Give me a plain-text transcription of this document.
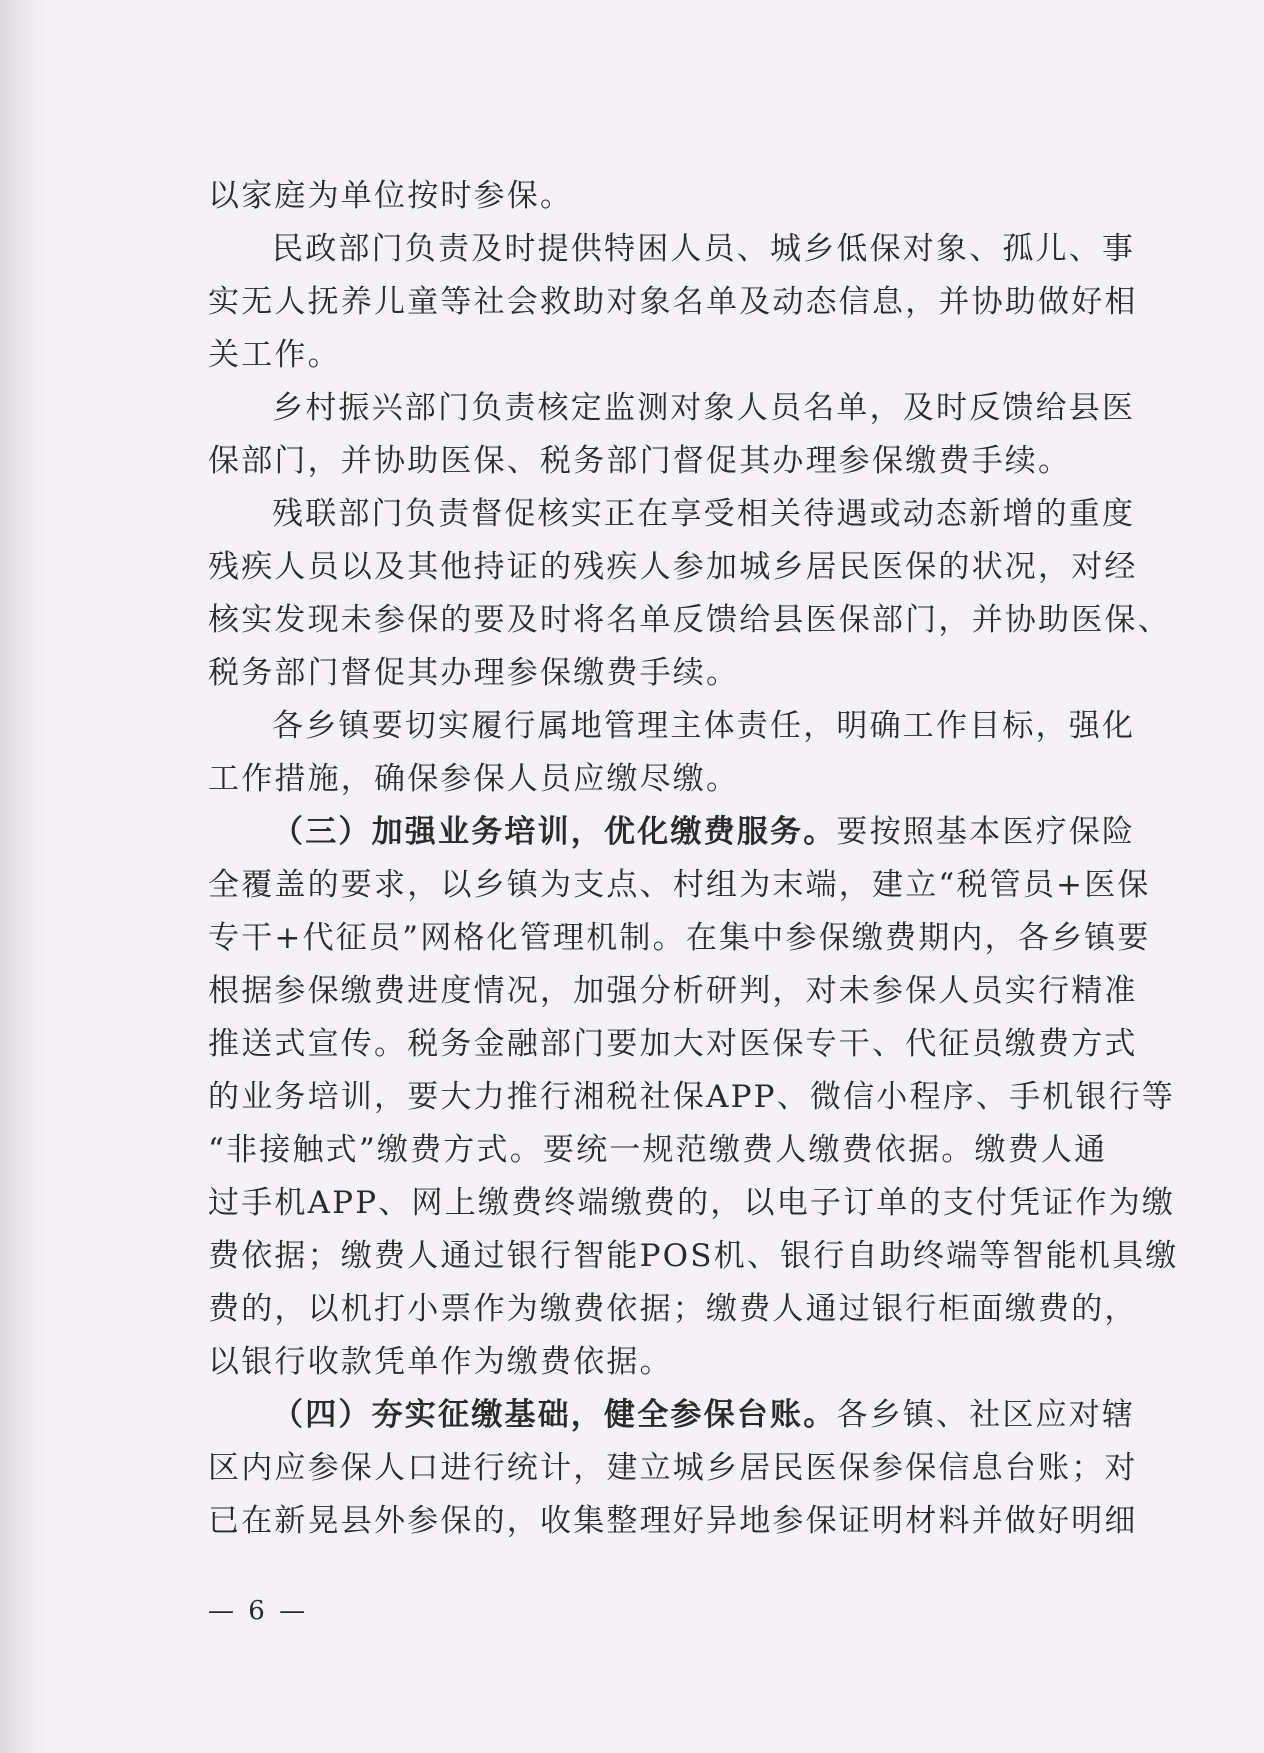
以家庭为单位按时参保。
民政部门负责及时提供特困人员、城乡低保对象、孤儿、事
实无人抚养儿童等社会救助对象名单及动态信息，并协助做好相
关工作。
乡村振兴部门负责核定监测对象人员名单，及时反馈给县医
保部门，并协助医保、税务部门督促其办理参保缴费手续。
残联部门负责督促核实正在享受相关待遇或动态新增的重度
残疾人员以及其他持证的残疾人参加城乡居民医保的状况，对经
核实发现未参保的要及时将名单反馈给县医保部门，并协助医保、
税务部门督促其办理参保缴费手续。
各乡镇要切实履行属地管理主体责任，明确工作目标，强化
工作措施，确保参保人员应缴尽缴。
（三）加强业务培训，优化缴费服务。要按照基本医疗保险
全覆盖的要求，以乡镇为支点、村组为末端，建立“税管员+医保
专干+代征员”网格化管理机制。在集中参保缴费期内，各乡镇要
根据参保缴费进度情况，加强分析研判，对未参保人员实行精准
推送式宣传。税务金融部门要加大对医保专干、代征员缴费方式
的业务培训，要大力推行湘税社保APP、微信小程序、手机银行等
“非接触式”缴费方式。要统一规范缴费人缴费依据。缴费人通
过手机APP、网上缴费终端缴费的，以电子订单的支付凭证作为缴
费依据；缴费人通过银行智能POS机、银行自助终端等智能机具缴
费的，以机打小票作为缴费依据；缴费人通过银行柜面缴费的，
以银行收款凭单作为缴费依据。
（四）夯实征缴基础，健全参保台账。各乡镇、社区应对辖
区内应参保人口进行统计，建立城乡居民医保参保信息台账；对
已在新晃县外参保的，收集整理好异地参保证明材料并做好明细
— 6 —
